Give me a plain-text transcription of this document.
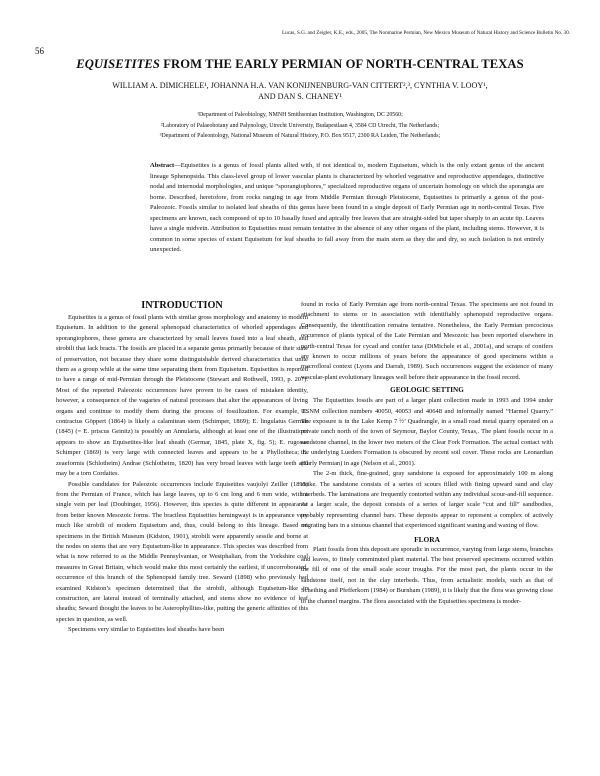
Lucas, S.G. and Zeigler, K.E., eds., 2005, The Nonmarine Permian, New Mexico Museum of Natural History and Science Bulletin No. 30.
56
EQUISETITES FROM THE EARLY PERMIAN OF NORTH-CENTRAL TEXAS
WILLIAM A. DIMICHELE¹, JOHANNA H.A. VAN KONIJNENBURG-VAN CITTERT²,³, CYNTHIA V. LOOY¹,
AND DAN S. CHANEY¹
¹Department of Paleobiology, NMNH Smithsonian Institution, Washington, DC 20560;
²Laboratory of Palaeobotany and Palynology, Utrecht University, Budapestlaan 4, 3584 CD Utrecht, The Netherlands;
³Department of Paleontology, National Museum of Natural History, P.O. Box 9517, 2300 RA Leiden, The Netherlands;
Abstract—Equisetites is a genus of fossil plants allied with, if not identical to, modern Equisetum, which is the only extant genus of the ancient lineage Sphenopsida. This class-level group of lower vascular plants is characterized by whorled vegetative and reproductive appendages, distinctive nodal and internodal morphologies, and unique “sporangiophores,” specialized reproductive organs of uncertain homology on which the sporangia are borne. Described, heretofore, from rocks ranging in age from Middle Permian through Pleistocene, Equisetites is primarily a genus of the post-Paleozoic. Fossils similar to isolated leaf sheaths of this genus have been found in a single deposit of Early Permian age in north-central Texas. Five specimens are known, each composed of up to 10 basally fused and apically free leaves that are straight-sided but taper sharply to an acute tip. Leaves have a single midvein. Attribution to Equisetites must remain tentative in the absence of any other organs of the plant, including stems. However, it is common in some species of extant Equisetum for leaf sheaths to fall away from the main stem as they die and dry, so such isolation is not entirely unexpected.
INTRODUCTION

Equisetites is a genus of fossil plants with similar gross morphology and anatomy to modern Equisetum. In addition to the general sphenopsid characteristics of whorled appendages and sporangiophores, these genera are characterized by small leaves fused into a leaf sheath, and strobili that lack bracts. The fossils are placed in a separate genus primarily because of their state of preservation, not because they share some distinguishable derived characteristics that unite them as a group while at the same time separating them from Equisetum. Equisetites is reported to have a range of mid-Permian through the Pleistocene (Stewart and Rothwell, 1993, p. 207). Most of the reported Paleozoic occurrences have proven to be cases of mistaken identity, however, a consequence of the vagaries of natural processes that alter the appearances of living organs and continue to modify them during the process of fossilization. For example, E. contractus Göppert (1864) is likely a calamitean stem (Schimper, 1869); E. lingulatus Germar (1845) (= E. priscus Geinitz) is possibly an Annularia, although at least one of the illustrations appears to show an Equisetites-like leaf sheath (Germar, 1845, plate X, fig. 5); E. rugosus Schimper (1869) is very large with connected leaves and appears to be a Phyllotheca; E. zeaeformis (Schlotheim) Andrae (Schlotheim, 1820) has very broad leaves with large teeth and may be a torn Cordaites.

Possible candidates for Paleozoic occurrences include Equisetites vaujolyi Zeiller (1895) from the Permian of France, which has large leaves, up to 6 cm long and 6 mm wide, with a single vein per leaf (Doubinger, 1956). However, this species is quite different in appearance from better known Mesozoic forms. The bractless Equisetites hemingwayi is in appearance very much like strobili of modern Equisetum and, thus, could belong to this lineage. Based on specimens in the British Museum (Kidston, 1901), strobili were apparently sessile and borne at the nodes on stems that are very Equisetum-like in appearance. This species was described from what is now referred to as the Middle Pennsylvanian, or Westphalian, from the Yorkshire coal measures in Great Britain, which would make this most certainly the earliest, if uncorroborated, occurrence of this branch of the Sphenopsid family tree. Seward (1898) who previously had examined Kidston’s specimen determined that the strobili, although Equisetum-like in construction, are lateral instead of terminally attached, and stems show no evidence of leaf sheaths; Seward thought the leaves to be Asterophyllites-like, putting the generic affinities of this species in question, as well.

Specimens very similar to Equisetites leaf sheaths have been

found in rocks of Early Permian age from north-central Texas. The specimens are not found in attachment to stems or in association with identifiably sphenopsid reproductive organs. Consequently, the identification remains tentative. Nonetheless, the Early Permian precocious occurrence of plants typical of the Late Permian and Mesozoic has been reported elsewhere in north-central Texas for cycad and conifer taxa (DiMichele et al., 2001a), and scraps of conifers are known to occur millions of years before the appearance of good specimens within a macrofloral context (Lyons and Darrah, 1989). Such occurrences suggest the existence of many vascular-plant evolutionary lineages well before their appearance in the fossil record.

GEOLOGIC SETTING

The Equisetites fossils are part of a larger plant collection made in 1993 and 1994 under USNM collection numbers 40050, 40053 and 40648 and informally named “Harmel Quarry.” The exposure is in the Lake Kemp 7 ½’ Quadrangle, in a small road metal quarry operated on a private ranch north of the town of Seymour, Baylor County, Texas,. The plant fossils occur in a sandstone channel, in the lower two meters of the Clear Fork Formation. The actual contact with the underlying Lueders Formation is obscured by recent soil cover. These rocks are Leonardian (Early Permian) in age (Nelson et al., 2001).

The 2-m thick, fine-grained, gray sandstone is exposed for approximately 100 m along strike. The sandstone consists of a series of scours filled with fining upward sand and clay interbeds. The laminations are frequently contorted within any individual scour-and-fill sequence. At a larger scale, the deposit consists of a series of larger scale “cut and fill” sandbodies, probably representing channel bars. These deposits appear to represent a complex of actively migrating bars in a sinuous channel that experienced significant waning and waxing of flow.

FLORA

Plant fossils from this deposit are sporadic in occurrence, varying from large stems, branches and leaves, to finely comminuted plant material. The best preserved specimens occurred within the fill of one of the small scale scour troughs. For the most part, the plants occur in the sandstone itself, not in the clay interbeds. Thus, from actualistic models, such as that of Scheihing and Pfefferkorn (1984) or Burnham (1989), it is likely that the flora was growing close to the channel margins. The flora associated with the Equisetites specimens is moder-
